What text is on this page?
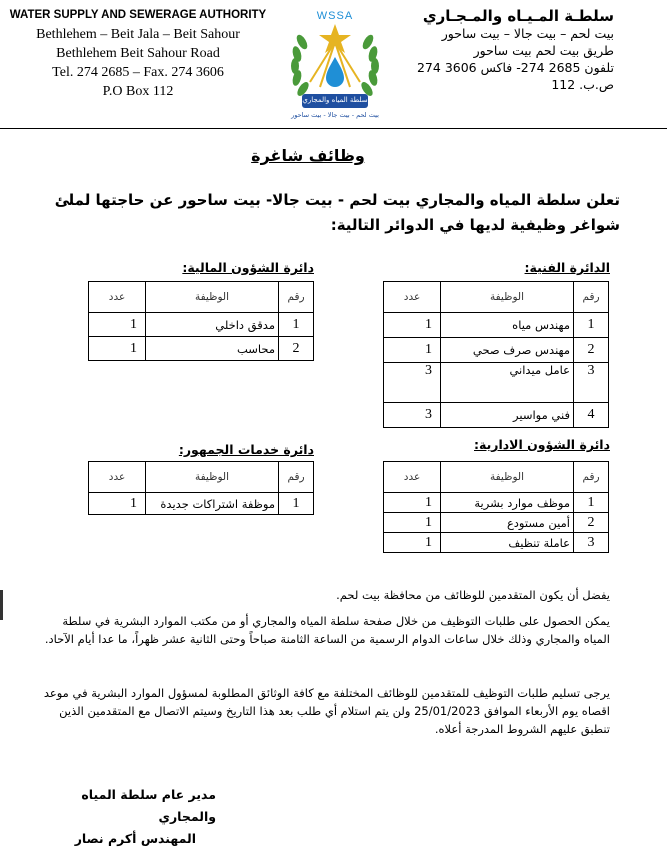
WATER SUPPLY AND SEWERAGE AUTHORITY
Bethlehem – Beit Jala – Beit Sahour
Bethlehem Beit Sahour Road
Tel. 274 2685 – Fax. 274 3606
P.O Box 112
WSSA
سلطة المياه والمجاري
بيت لحم - بيت جالا - بيت ساحور
سلطـة المـيـاه والمـجـاري
بيت لحم – بيت جالا – بيت ساحور
طريق بيت لحم بيت ساحور
تلفون 2685 274- فاكس 3606 274
ص.ب. 112
وظائف شاغرة
تعلن سلطة المياه والمجاري بيت لحم - بيت جالا- بيت ساحور عن حاجتها لملئ شواغر وظيفية لديها في الدوائر التالية:
الدائرة الفنية:
دائرة الشؤون المالية:
دائرة الشؤون الادارية:
دائرة خدمات الجمهور:
رقم	الوظيفة	عدد
1	مهندس مياه	1
2	مهندس صرف صحي	1
3	عامل ميداني	3
4	فني مواسير	3
رقم	الوظيفة	عدد
1	مدقق داخلي	1
2	محاسب	1
رقم	الوظيفة	عدد
1	موظف موارد بشرية	1
2	أمين مستودع	1
3	عاملة تنظيف	1
رقم	الوظيفة	عدد
1	موظفة اشتراكات جديدة	1
يفضل أن يكون المتقدمين للوظائف من محافظة بيت لحم.
يمكن الحصول على طلبات التوظيف من خلال صفحة سلطة المياه والمجاري أو من مكتب الموارد البشرية في سلطة المياه والمجاري وذلك خلال ساعات الدوام الرسمية من الساعة الثامنة صباحاً وحتى الثانية عشر ظهراً، ما عدا أيام الآحاد.
يرجى تسليم طلبات التوظيف للمتقدمين للوظائف المختلفة مع كافة الوثائق المطلوبة لمسؤول الموارد البشرية في موعد اقصاه يوم الأربعاء الموافق 25/01/2023 ولن يتم استلام أي طلب بعد هذا التاريخ وسيتم الاتصال مع المتقدمين الذين تنطبق عليهم الشروط المدرجة أعلاه.
مدير عام سلطة المياه والمجاري
المهندس أكرم نصار
